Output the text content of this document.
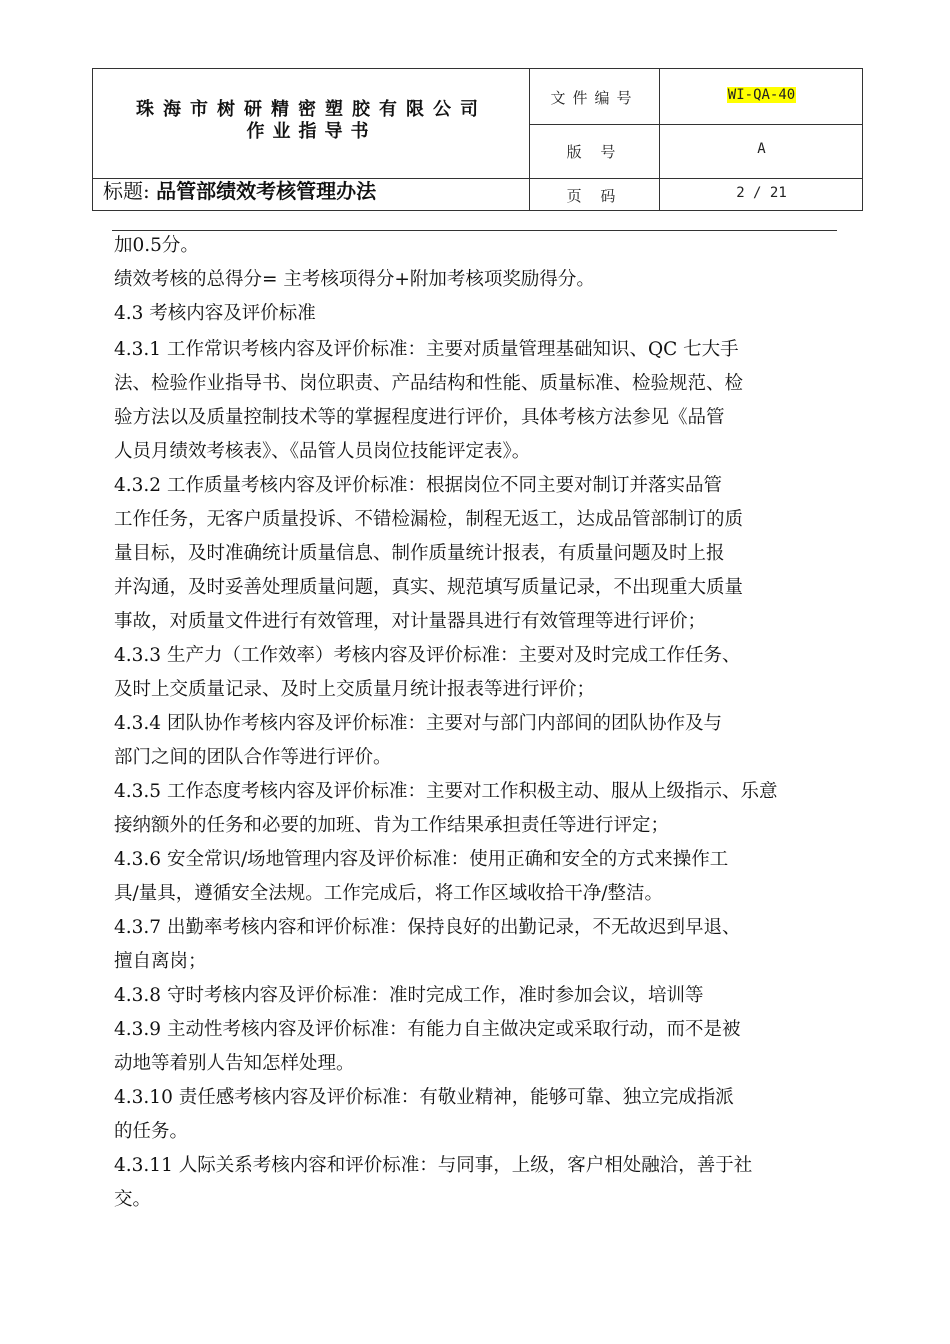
珠海市树研精密塑胶有限公司
作业指导书
标题: 品管部绩效考核管理办法
文件编号	WI-QA-40
版 号	A
页 码	2 / 21

加0.5分。

绩效考核的总得分= 主考核项得分+附加考核项奖励得分。

4.3 考核内容及评价标准

4.3.1 工作常识考核内容及评价标准：主要对质量管理基础知识、QC 七大手

法、检验作业指导书、岗位职责、产品结构和性能、质量标准、检验规范、检

验方法以及质量控制技术等的掌握程度进行评价，具体考核方法参见《品管

人员月绩效考核表》、《品管人员岗位技能评定表》。

4.3.2 工作质量考核内容及评价标准：根据岗位不同主要对制订并落实品管

工作任务，无客户质量投诉、不错检漏检，制程无返工，达成品管部制订的质

量目标，及时准确统计质量信息、制作质量统计报表，有质量问题及时上报

并沟通，及时妥善处理质量问题，真实、规范填写质量记录，不出现重大质量

事故，对质量文件进行有效管理，对计量器具进行有效管理等进行评价；

4.3.3 生产力（工作效率）考核内容及评价标准：主要对及时完成工作任务、

及时上交质量记录、及时上交质量月统计报表等进行评价；

4.3.4 团队协作考核内容及评价标准：主要对与部门内部间的团队协作及与

部门之间的团队合作等进行评价。

4.3.5 工作态度考核内容及评价标准：主要对工作积极主动、服从上级指示、乐意

接纳额外的任务和必要的加班、肯为工作结果承担责任等进行评定；

4.3.6 安全常识/场地管理内容及评价标准：使用正确和安全的方式来操作工

具/量具，遵循安全法规。工作完成后，将工作区域收拾干净/整洁。

4.3.7 出勤率考核内容和评价标准：保持良好的出勤记录，不无故迟到早退、

擅自离岗；

4.3.8 守时考核内容及评价标准：准时完成工作，准时参加会议，培训等

4.3.9 主动性考核内容及评价标准：有能力自主做决定或采取行动，而不是被

动地等着别人告知怎样处理。

4.3.10 责任感考核内容及评价标准：有敬业精神，能够可靠、独立完成指派

的任务。

4.3.11 人际关系考核内容和评价标准：与同事，上级，客户相处融洽，善于社

交。
